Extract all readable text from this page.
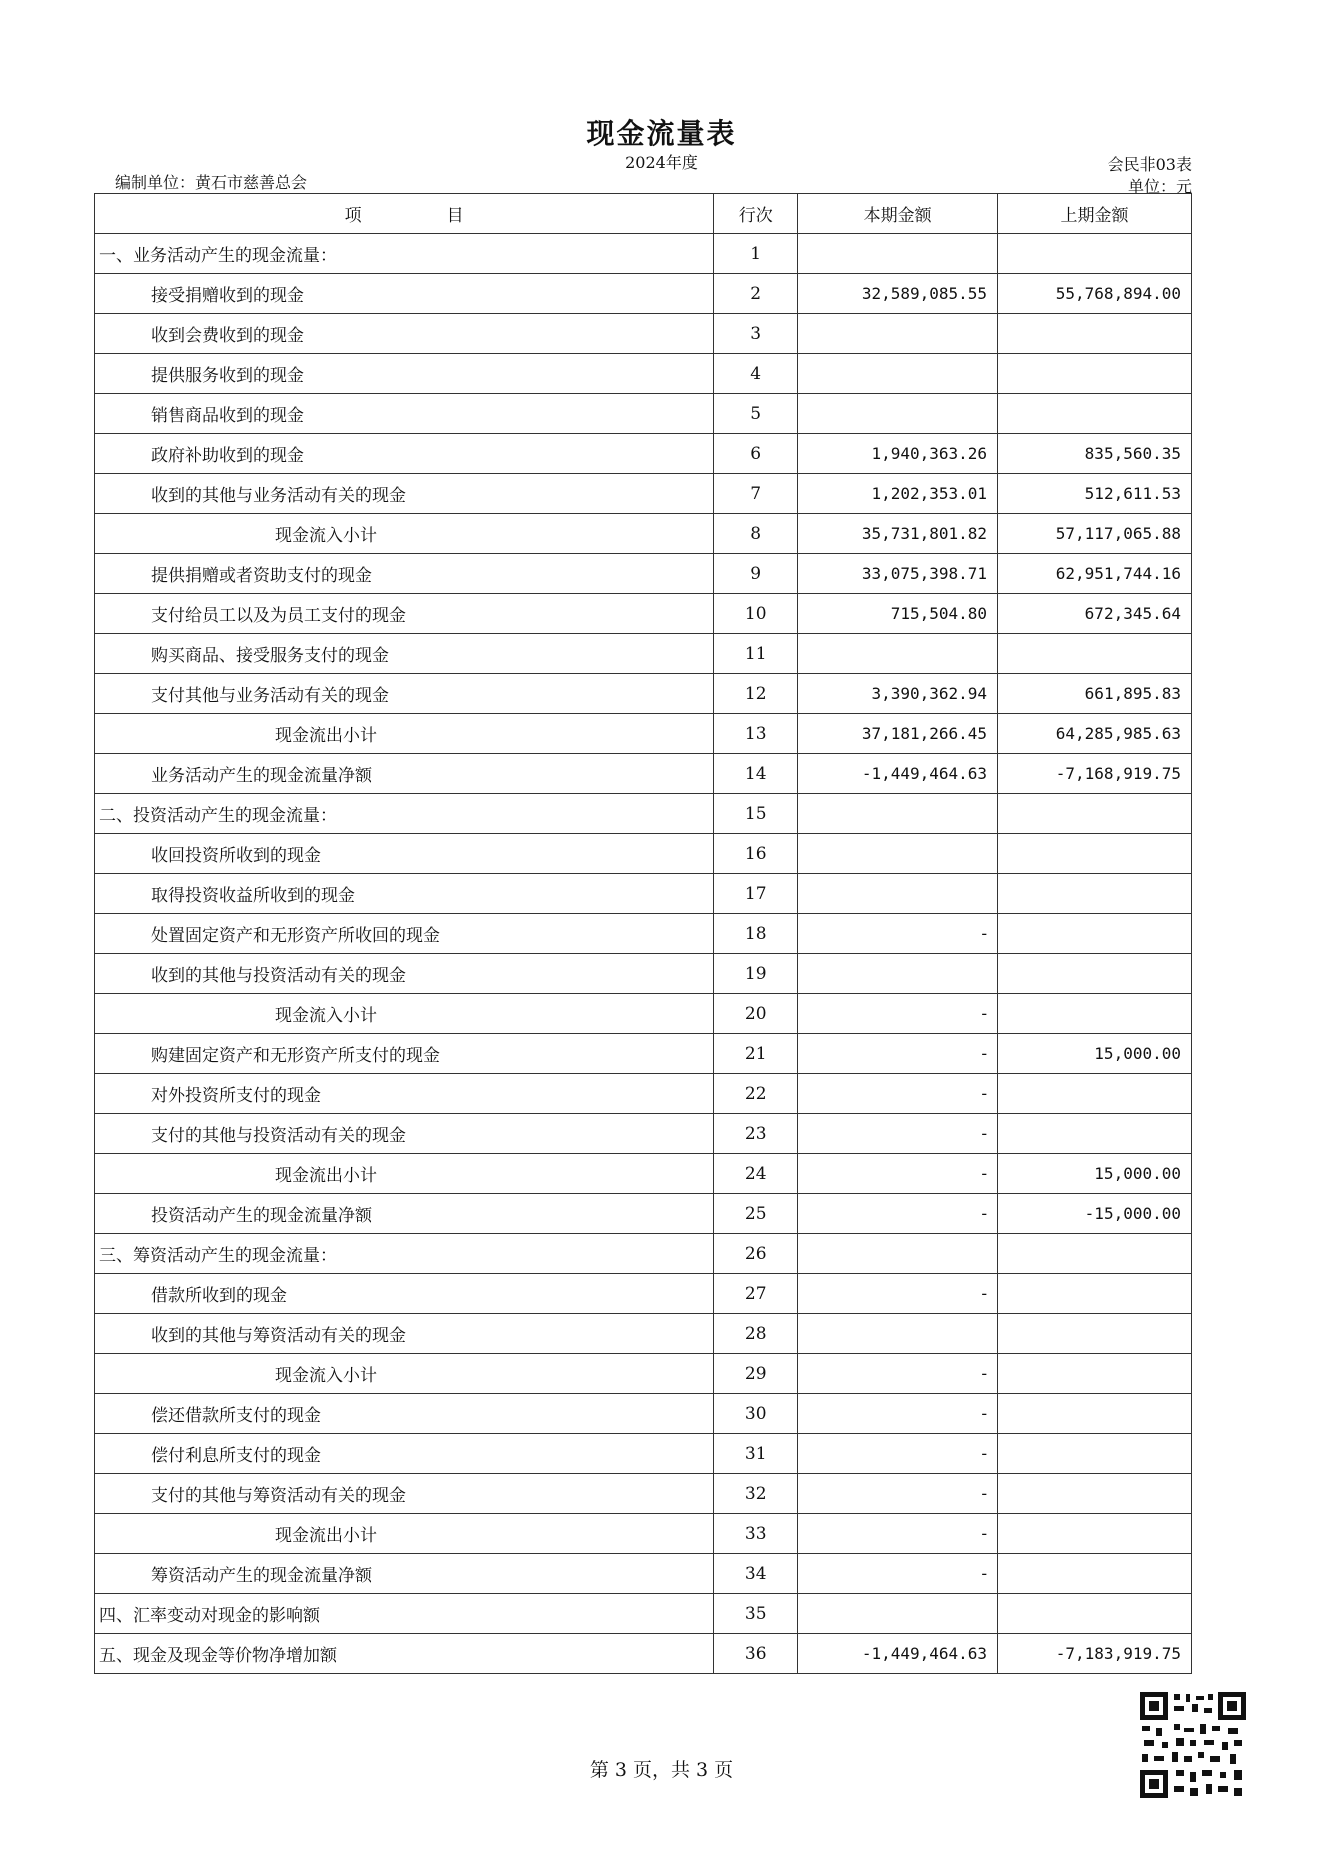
现金流量表
2024年度	会民非03表
编制单位：黄石市慈善总会	单位：元
项　　　　　目	行次	本期金额	上期金额
一、业务活动产生的现金流量：	1		
接受捐赠收到的现金	2	32,589,085.55	55,768,894.00
收到会费收到的现金	3		
提供服务收到的现金	4		
销售商品收到的现金	5		
政府补助收到的现金	6	1,940,363.26	835,560.35
收到的其他与业务活动有关的现金	7	1,202,353.01	512,611.53
现金流入小计	8	35,731,801.82	57,117,065.88
提供捐赠或者资助支付的现金	9	33,075,398.71	62,951,744.16
支付给员工以及为员工支付的现金	10	715,504.80	672,345.64
购买商品、接受服务支付的现金	11		
支付其他与业务活动有关的现金	12	3,390,362.94	661,895.83
现金流出小计	13	37,181,266.45	64,285,985.63
业务活动产生的现金流量净额	14	-1,449,464.63	-7,168,919.75
二、投资活动产生的现金流量：	15		
收回投资所收到的现金	16		
取得投资收益所收到的现金	17		
处置固定资产和无形资产所收回的现金	18	-	
收到的其他与投资活动有关的现金	19		
现金流入小计	20	-	
购建固定资产和无形资产所支付的现金	21	-	15,000.00
对外投资所支付的现金	22	-	
支付的其他与投资活动有关的现金	23	-	
现金流出小计	24	-	15,000.00
投资活动产生的现金流量净额	25	-	-15,000.00
三、筹资活动产生的现金流量：	26		
借款所收到的现金	27	-	
收到的其他与筹资活动有关的现金	28		
现金流入小计	29	-	
偿还借款所支付的现金	30	-	
偿付利息所支付的现金	31	-	
支付的其他与筹资活动有关的现金	32	-	
现金流出小计	33	-	
筹资活动产生的现金流量净额	34	-	
四、汇率变动对现金的影响额	35		
五、现金及现金等价物净增加额	36	-1,449,464.63	-7,183,919.75
第 3 页，共 3 页
